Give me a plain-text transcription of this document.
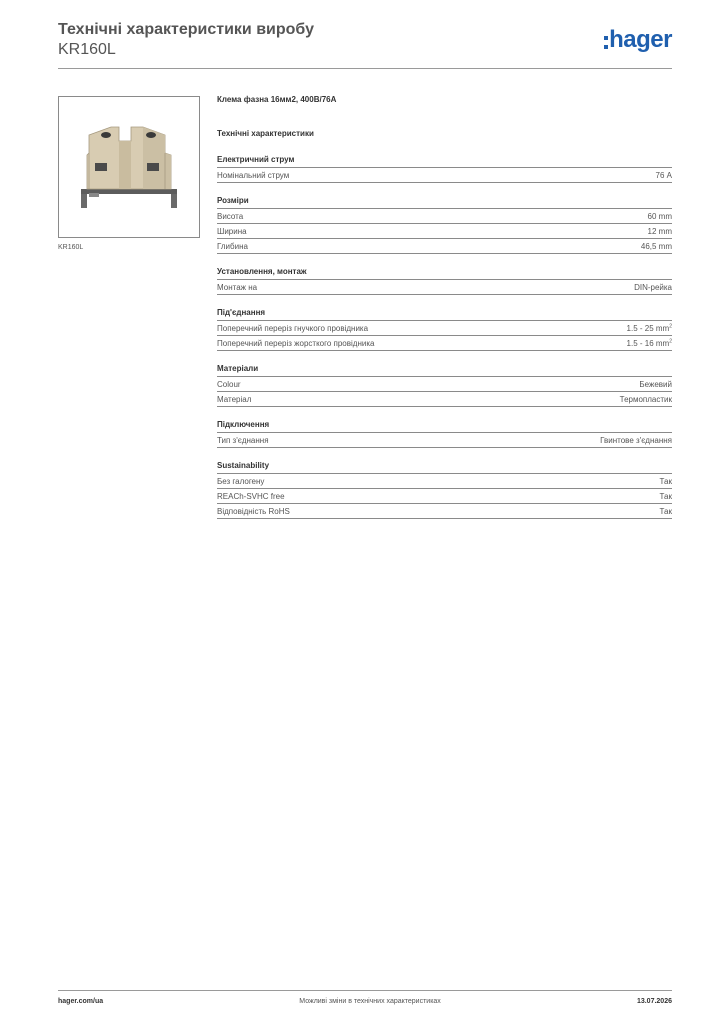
Технічні характеристики виробу
KR160L	hager
KR160L
Клема фазна 16мм2, 400В/76А
Технічні характеристики
Електричний струм
Номінальний струм	76 А
Розміри
Висота	60 mm
Ширина	12 mm
Глибина	46,5 mm
Установлення, монтаж
Монтаж на	DIN-рейка
Під'єднання
Поперечний переріз гнучкого провідника	1.5 - 25 $mm^2$
Поперечний переріз жорсткого провідника	1.5 - 16 $mm^2$
Матеріали
Colour	Бежевий
Матеріал	Термопластик
Підключення
Тип з'єднання	Гвинтове з'єднання
Sustainability
Без галогену	Так
REACh-SVHC free	Так
Відповідність RoHS	Так
hager.com/ua	Можливі зміни в технічних характеристиках	13.07.2026
